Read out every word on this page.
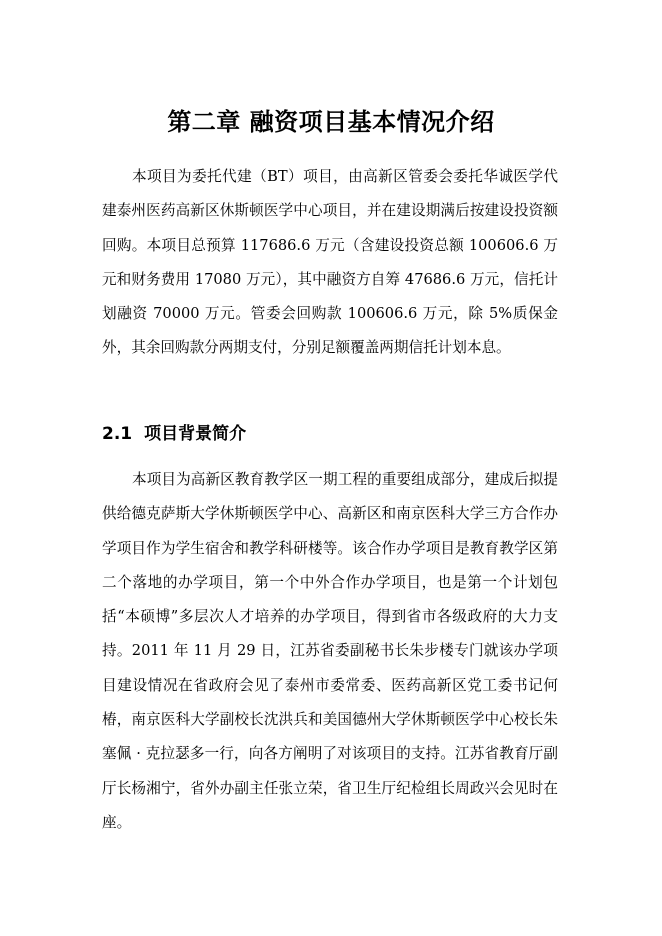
第二章 融资项目基本情况介绍

本项目为委托代建（BT）项目，由高新区管委会委托华诚医学代建泰州医药高新区休斯顿医学中心项目，并在建设期满后按建设投资额回购。本项目总预算 117686.6 万元（含建设投资总额 100606.6 万元和财务费用 17080 万元），其中融资方自筹 47686.6 万元，信托计划融资 70000 万元。管委会回购款 100606.6 万元，除 5%质保金外，其余回购款分两期支付，分别足额覆盖两期信托计划本息。

2.1 项目背景简介

本项目为高新区教育教学区一期工程的重要组成部分，建成后拟提供给德克萨斯大学休斯顿医学中心、高新区和南京医科大学三方合作办学项目作为学生宿舍和教学科研楼等。该合作办学项目是教育教学区第二个落地的办学项目，第一个中外合作办学项目，也是第一个计划包括“本硕博”多层次人才培养的办学项目，得到省市各级政府的大力支持。2011 年 11 月 29 日，江苏省委副秘书长朱步楼专门就该办学项目建设情况在省政府会见了泰州市委常委、医药高新区党工委书记何椿，南京医科大学副校长沈洪兵和美国德州大学休斯顿医学中心校长朱塞佩 · 克拉瑟多一行，向各方阐明了对该项目的支持。江苏省教育厅副厅长杨湘宁，省外办副主任张立荣，省卫生厅纪检组长周政兴会见时在座。
